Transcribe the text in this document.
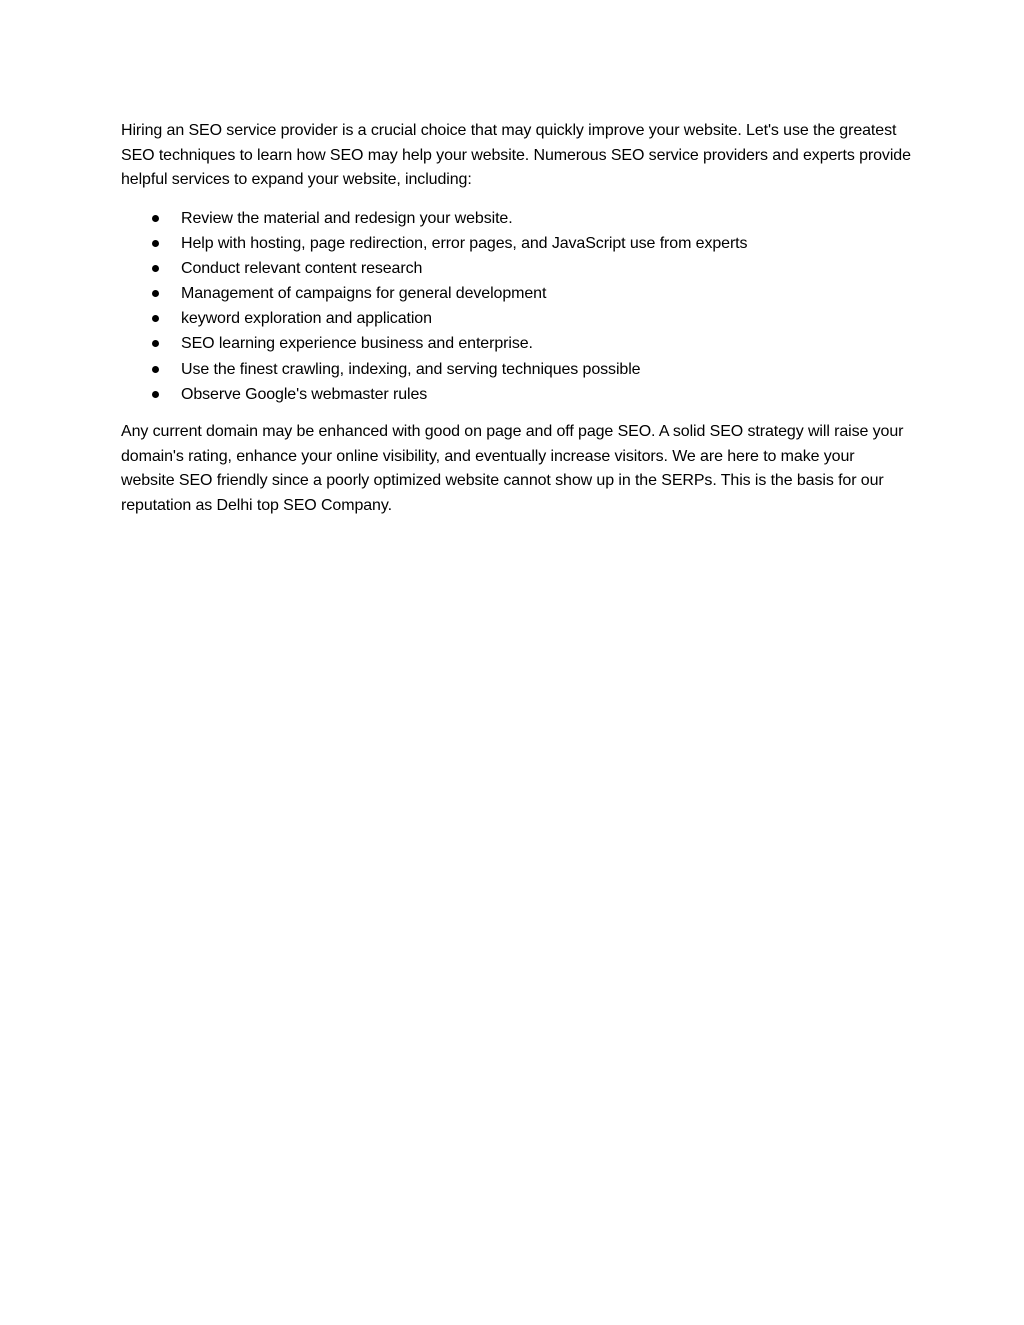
Hiring an SEO service provider is a crucial choice that may quickly improve your website. Let's use the greatest SEO techniques to learn how SEO may help your website. Numerous SEO service providers and experts provide helpful services to expand your website, including:

Review the material and redesign your website.
Help with hosting, page redirection, error pages, and JavaScript use from experts
Conduct relevant content research
Management of campaigns for general development
keyword exploration and application
SEO learning experience business and enterprise.
Use the finest crawling, indexing, and serving techniques possible
Observe Google's webmaster rules

Any current domain may be enhanced with good on page and off page SEO. A solid SEO strategy will raise your domain's rating, enhance your online visibility, and eventually increase visitors. We are here to make your website SEO friendly since a poorly optimized website cannot show up in the SERPs. This is the basis for our reputation as Delhi top SEO Company.
